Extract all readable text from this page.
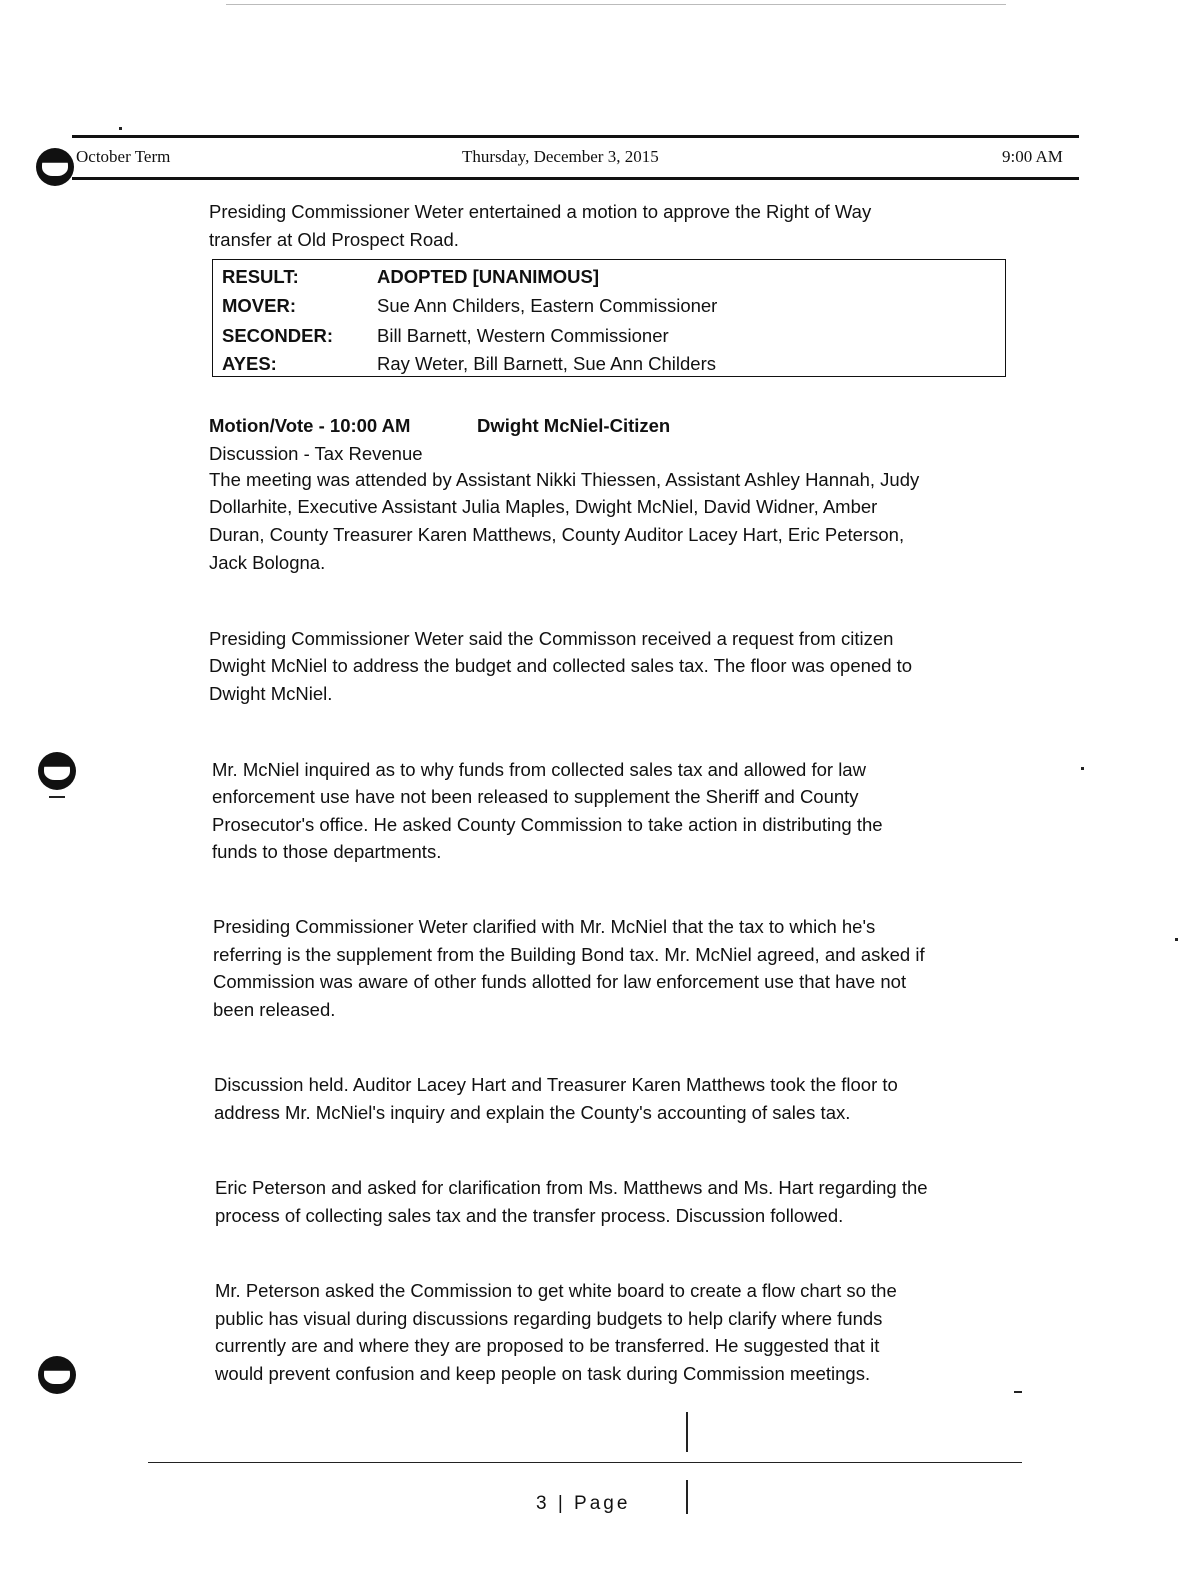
October Term	Thursday, December 3, 2015	9:00 AM
Presiding Commissioner Weter entertained a motion to approve the Right of Way
transfer at Old Prospect Road.
RESULT:	ADOPTED [UNANIMOUS]
MOVER:	Sue Ann Childers, Eastern Commissioner
SECONDER: Bill Barnett, Western Commissioner
AYES:	Ray Weter, Bill Barnett, Sue Ann Childers
Motion/Vote - 10:00 AM	Dwight McNiel-Citizen
Discussion - Tax Revenue
The meeting was attended by Assistant Nikki Thiessen, Assistant Ashley Hannah, Judy
Dollarhite, Executive Assistant Julia Maples, Dwight McNiel, David Widner, Amber
Duran, County Treasurer Karen Matthews, County Auditor Lacey Hart, Eric Peterson,
Jack Bologna.
Presiding Commissioner Weter said the Commisson received a request from citizen
Dwight McNiel to address the budget and collected sales tax. The floor was opened to
Dwight McNiel.
Mr. McNiel inquired as to why funds from collected sales tax and allowed for law
enforcement use have not been released to supplement the Sheriff and County
Prosecutor's office. He asked County Commission to take action in distributing the
funds to those departments.
Presiding Commissioner Weter clarified with Mr. McNiel that the tax to which he's
referring is the supplement from the Building Bond tax. Mr. McNiel agreed, and asked if
Commission was aware of other funds allotted for law enforcement use that have not
been released.
Discussion held. Auditor Lacey Hart and Treasurer Karen Matthews took the floor to
address Mr. McNiel's inquiry and explain the County's accounting of sales tax.
Eric Peterson and asked for clarification from Ms. Matthews and Ms. Hart regarding the
process of collecting sales tax and the transfer process. Discussion followed.
Mr. Peterson asked the Commission to get white board to create a flow chart so the
public has visual during discussions regarding budgets to help clarify where funds
currently are and where they are proposed to be transferred. He suggested that it
would prevent confusion and keep people on task during Commission meetings.
3 | Page
